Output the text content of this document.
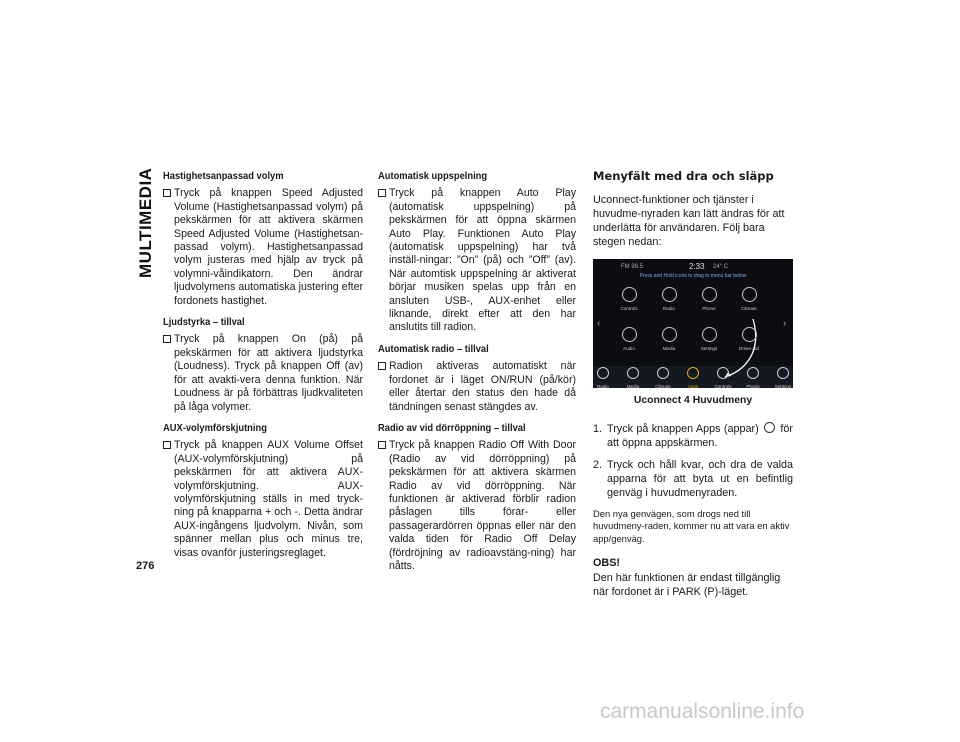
MULTIMEDIA Hastighetsanpassad volym
Tryck på knappen Speed Adjusted Volume (Hastighetsanpassad volym) på pekskärmen för att aktivera skärmen Speed Adjusted Volume (Hastighetsan-passad volym). Hastighetsanpassad volym justeras med hjälp av tryck på volymni-våindikatorn. Den ändrar ljudvolymens automatiska justering efter fordonets hastighet.
Ljudstyrka – tillval
Tryck på knappen On (på) på pekskärmen för att aktivera ljudstyrka (Loudness). Tryck på knappen Off (av) för att avakti-vera denna funktion. När Loudness är på förbättras ljudkvaliteten på låga volymer.
AUX-volymförskjutning
Tryck på knappen AUX Volume Offset (AUX-volymförskjutning) på pekskärmen för att aktivera AUX-volymförskjutning. AUX-volymförskjutning ställs in med tryck-ning på knapparna + och -. Detta ändrar AUX-ingångens ljudvolym. Nivån, som spänner mellan plus och minus tre, visas ovanför justeringsreglaget.
Automatisk uppspelning
Tryck på knappen Auto Play (automatisk uppspelning) på pekskärmen för att öppna skärmen Auto Play. Funktionen Auto Play (automatisk uppspelning) har två inställ-ningar: ”On” (på) och ”Off” (av). När automtisk uppspelning är aktiverat börjar musiken spelas upp från en ansluten USB-, AUX-enhet eller liknande, direkt efter att den har anslutits till radion.
Automatisk radio – tillval
Radion aktiveras automatiskt när fordonet är i läget ON/RUN (på/kör) eller återtar den status den hade då tändningen senast stängdes av.
Radio av vid dörröppning – tillval
Tryck på knappen Radio Off With Door (Radio av vid dörröppning) på pekskärmen för att aktivera skärmen Radio av vid dörröppning. När funktionen är aktiverad förblir radion påslagen tills förar- eller passagerardörren öppnas eller när den valda tiden för Radio Off Delay (fördröjning av radioavstäng-ning) har nåtts.
Menyfält med dra och släpp

Uconnect-funktioner och tjänster i huvudme-nyraden kan lätt ändras för att underlätta för användaren. Följ bara stegen nedan:

FM 99.5	2:33 24° C
Press and Hold icons to drag to menu bar below
‹	›
Controls	Radio	Phone	Climate
Audio	Media	Settings	Driver Aid
Radio	Media	Climate	Apps	Controls	Phone	Settings
Uconnect 4 Huvudmeny
1. Tryck på knappen Apps (appar) för att öppna appskärmen.
2. Tryck och håll kvar, och dra de valda apparna för att byta ut en befintlig genväg i huvudmenyraden.
Den nya genvägen, som drogs ned till huvudmeny-raden, kommer nu att vara en aktiv app/genväg.

OBS!

Den här funktionen är endast tillgänglig när fordonet är i PARK (P)-läget.

276
carmanualsonline.info
